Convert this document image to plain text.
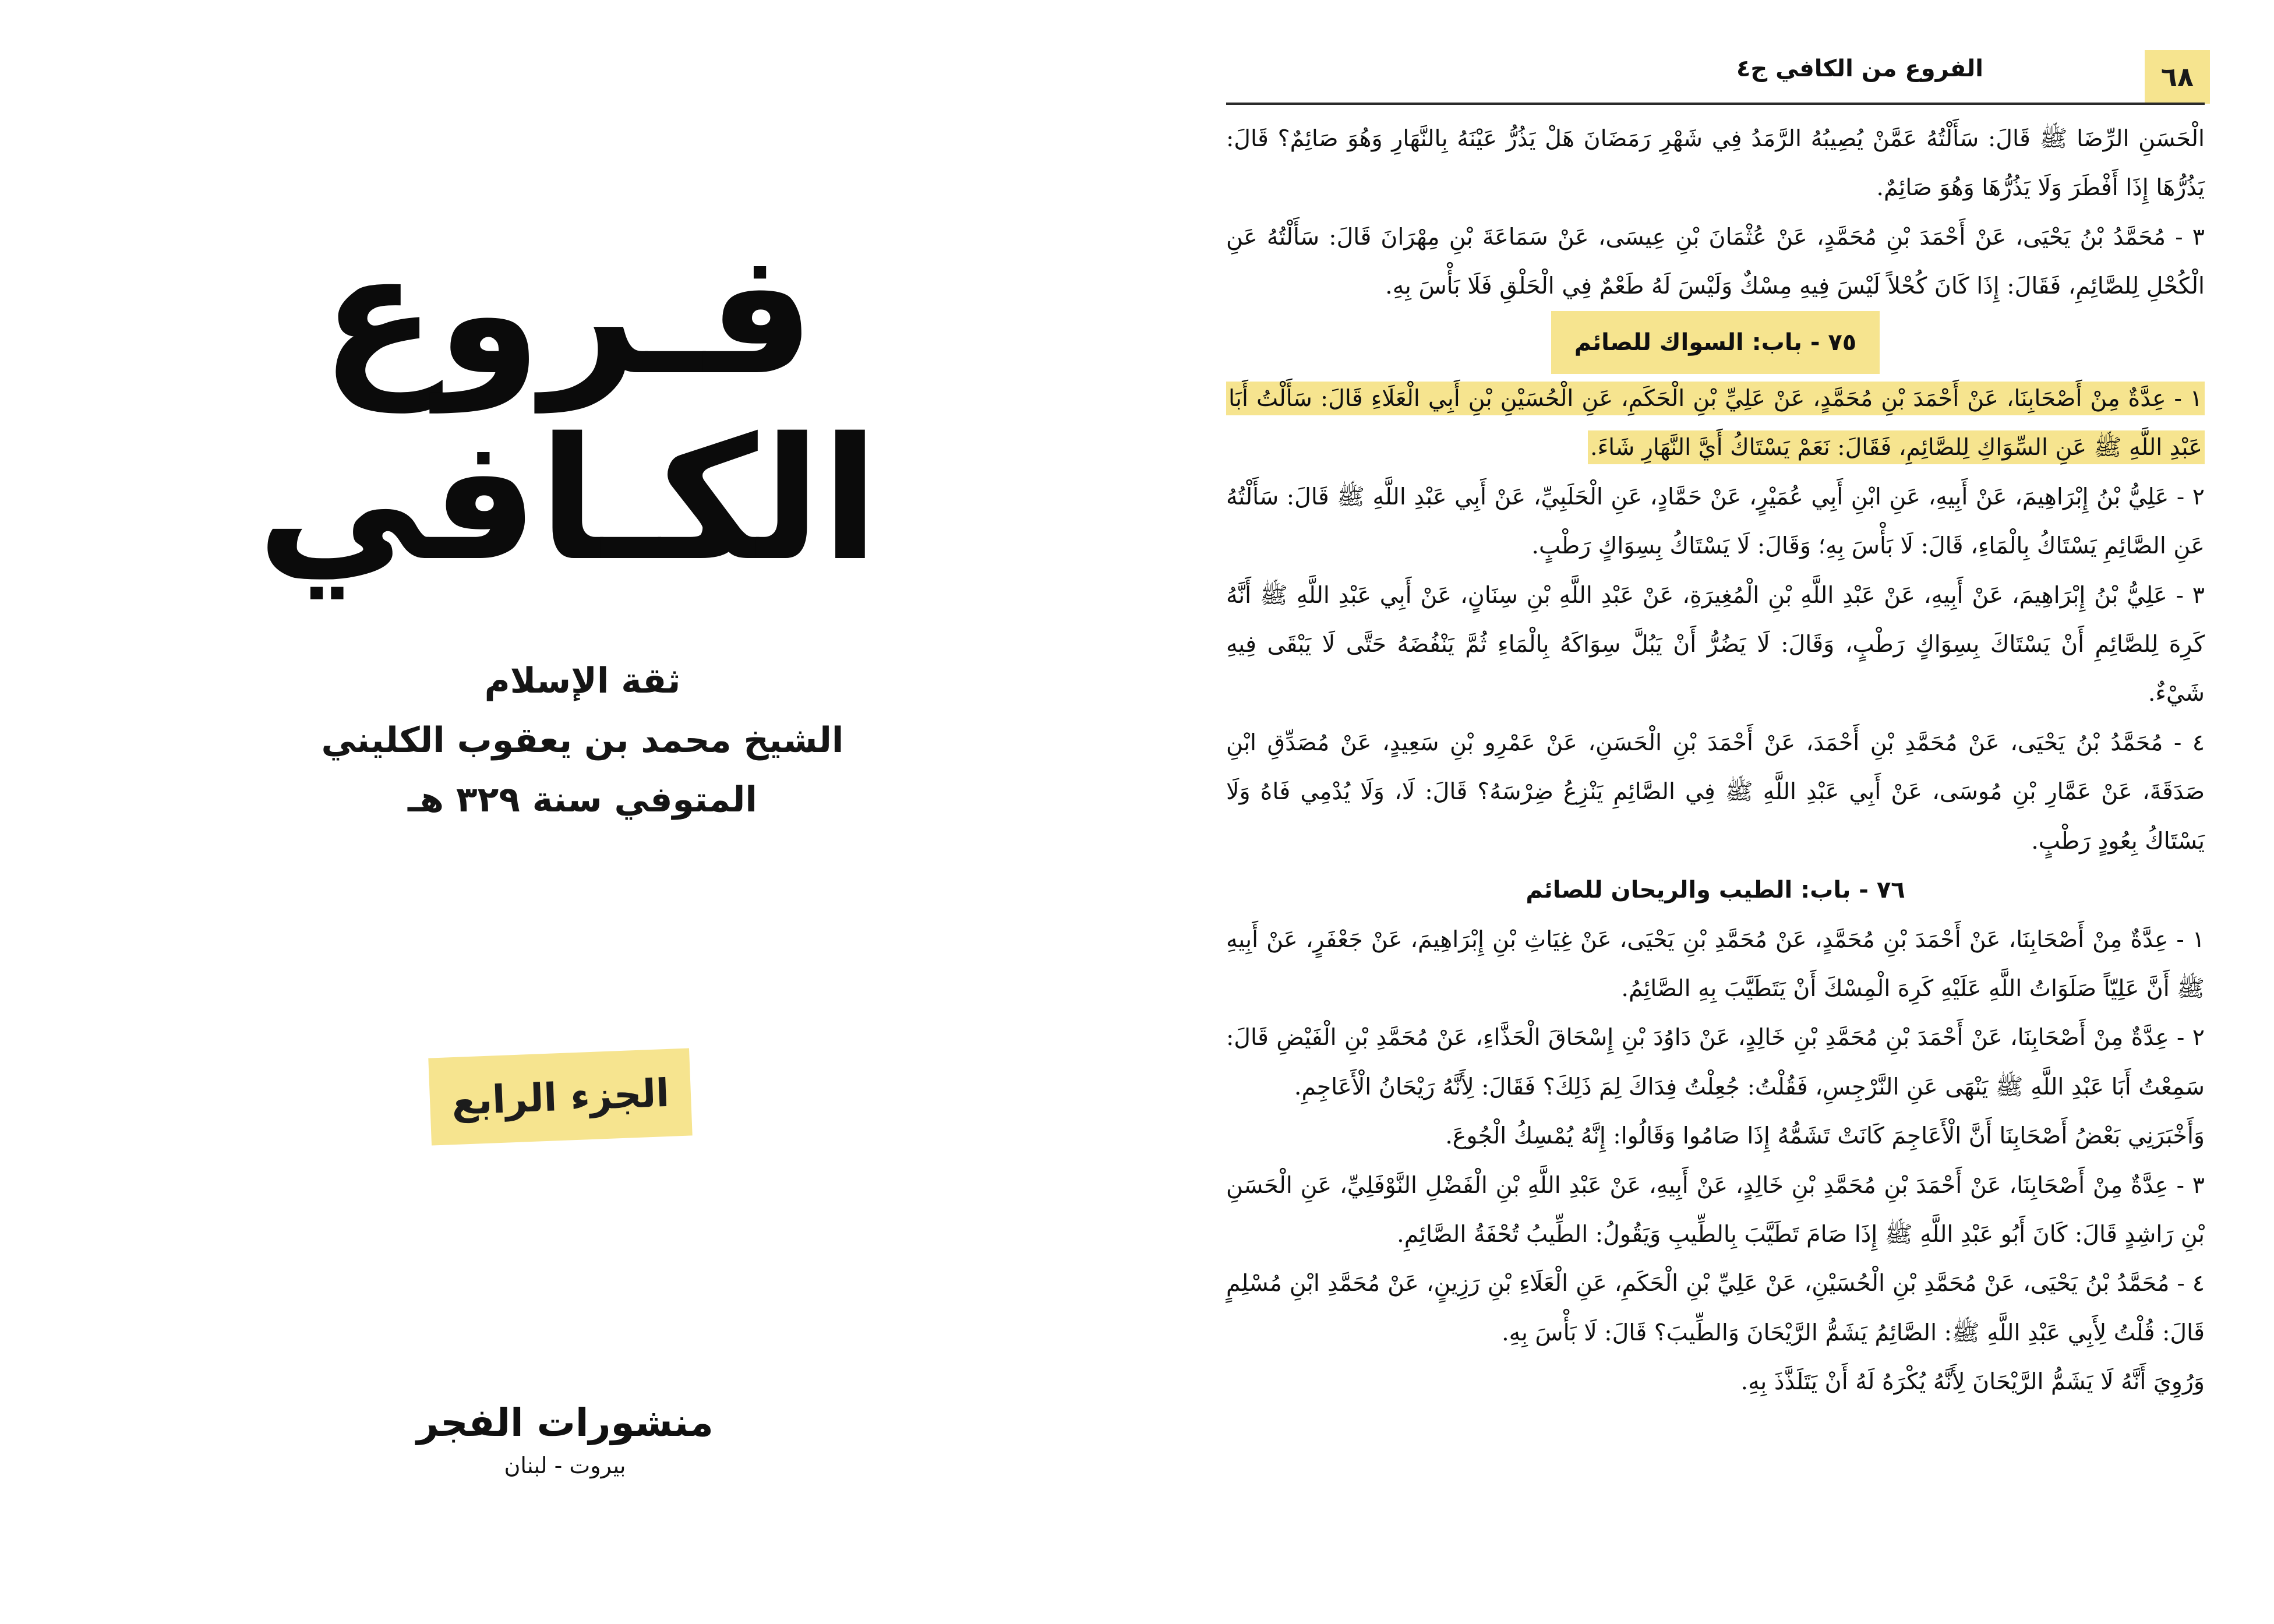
فـروع الكـافي
ثقة الإسلام
الشيخ محمد بن يعقوب الكليني
المتوفي سنة ٣٢٩ هـ
الجزء الرابع
منشورات الفجر
بيروت - لبنان
٦٨
الفروع من الكافي ج٤

الْحَسَنِ الرِّضَا ﷺ قَالَ: سَأَلْتُهُ عَمَّنْ يُصِيبُهُ الرَّمَدُ فِي شَهْرِ رَمَضَانَ هَلْ يَذُرُّ عَيْنَهُ بِالنَّهَارِ وَهُوَ صَائِمٌ؟ قَالَ: يَذُرُّهَا إِذَا أَفْطَرَ وَلَا يَذُرُّهَا وَهُوَ صَائِمٌ.

٣ - مُحَمَّدُ بْنُ يَحْيَى، عَنْ أَحْمَدَ بْنِ مُحَمَّدٍ، عَنْ عُثْمَانَ بْنِ عِيسَى، عَنْ سَمَاعَةَ بْنِ مِهْرَانَ قَالَ: سَأَلْتُهُ عَنِ الْكُحْلِ لِلصَّائِمِ، فَقَالَ: إِذَا كَانَ كُحْلاً لَيْسَ فِيهِ مِسْكٌ وَلَيْسَ لَهُ طَعْمٌ فِي الْحَلْقِ فَلَا بَأْسَ بِهِ.

٧٥ - باب: السواك للصائم

١ - عِدَّةٌ مِنْ أَصْحَابِنَا، عَنْ أَحْمَدَ بْنِ مُحَمَّدٍ، عَنْ عَلِيِّ بْنِ الْحَكَمِ، عَنِ الْحُسَيْنِ بْنِ أَبِي الْعَلَاءِ قَالَ: سَأَلْتُ أَبَا عَبْدِ اللَّهِ ﷺ عَنِ السِّوَاكِ لِلصَّائِمِ، فَقَالَ: نَعَمْ يَسْتَاكُ أَيَّ النَّهَارِ شَاءَ.

٢ - عَلِيُّ بْنُ إِبْرَاهِيمَ، عَنْ أَبِيهِ، عَنِ ابْنِ أَبِي عُمَيْرٍ، عَنْ حَمَّادٍ، عَنِ الْحَلَبِيِّ، عَنْ أَبِي عَبْدِ اللَّهِ ﷺ قَالَ: سَأَلْتُهُ عَنِ الصَّائِمِ يَسْتَاكُ بِالْمَاءِ، قَالَ: لَا بَأْسَ بِهِ؛ وَقَالَ: لَا يَسْتَاكُ بِسِوَاكٍ رَطْبٍ.

٣ - عَلِيُّ بْنُ إِبْرَاهِيمَ، عَنْ أَبِيهِ، عَنْ عَبْدِ اللَّهِ بْنِ الْمُغِيرَةِ، عَنْ عَبْدِ اللَّهِ بْنِ سِنَانٍ، عَنْ أَبِي عَبْدِ اللَّهِ ﷺ أَنَّهُ كَرِهَ لِلصَّائِمِ أَنْ يَسْتَاكَ بِسِوَاكٍ رَطْبٍ، وَقَالَ: لَا يَضُرُّ أَنْ يَبُلَّ سِوَاكَهُ بِالْمَاءِ ثُمَّ يَنْفُضَهُ حَتَّى لَا يَبْقَى فِيهِ شَيْءٌ.

٤ - مُحَمَّدُ بْنُ يَحْيَى، عَنْ مُحَمَّدِ بْنِ أَحْمَدَ، عَنْ أَحْمَدَ بْنِ الْحَسَنِ، عَنْ عَمْرِو بْنِ سَعِيدٍ، عَنْ مُصَدِّقِ ابْنِ صَدَقَةَ، عَنْ عَمَّارِ بْنِ مُوسَى، عَنْ أَبِي عَبْدِ اللَّهِ ﷺ فِي الصَّائِمِ يَنْزِعُ ضِرْسَهُ؟ قَالَ: لَا، وَلَا يُدْمِي فَاهُ وَلَا يَسْتَاكُ بِعُودٍ رَطْبٍ.

٧٦ - باب: الطيب والريحان للصائم

١ - عِدَّةٌ مِنْ أَصْحَابِنَا، عَنْ أَحْمَدَ بْنِ مُحَمَّدٍ، عَنْ مُحَمَّدِ بْنِ يَحْيَى، عَنْ غِيَاثِ بْنِ إِبْرَاهِيمَ، عَنْ جَعْفَرٍ، عَنْ أَبِيهِ ﷺ أَنَّ عَلِيّاً صَلَوَاتُ اللَّهِ عَلَيْهِ كَرِهَ الْمِسْكَ أَنْ يَتَطَيَّبَ بِهِ الصَّائِمُ.

٢ - عِدَّةٌ مِنْ أَصْحَابِنَا، عَنْ أَحْمَدَ بْنِ مُحَمَّدِ بْنِ خَالِدٍ، عَنْ دَاوُدَ بْنِ إِسْحَاقَ الْحَذَّاءِ، عَنْ مُحَمَّدِ بْنِ الْفَيْضِ قَالَ: سَمِعْتُ أَبَا عَبْدِ اللَّهِ ﷺ يَنْهَى عَنِ النَّرْجِسِ، فَقُلْتُ: جُعِلْتُ فِدَاكَ لِمَ ذَلِكَ؟ فَقَالَ: لِأَنَّهُ رَيْحَانُ الْأَعَاجِمِ.

وَأَخْبَرَنِي بَعْضُ أَصْحَابِنَا أَنَّ الْأَعَاجِمَ كَانَتْ تَشَمُّهُ إِذَا صَامُوا وَقَالُوا: إِنَّهُ يُمْسِكُ الْجُوعَ.

٣ - عِدَّةٌ مِنْ أَصْحَابِنَا، عَنْ أَحْمَدَ بْنِ مُحَمَّدِ بْنِ خَالِدٍ، عَنْ أَبِيهِ، عَنْ عَبْدِ اللَّهِ بْنِ الْفَضْلِ النَّوْفَلِيِّ، عَنِ الْحَسَنِ بْنِ رَاشِدٍ قَالَ: كَانَ أَبُو عَبْدِ اللَّهِ ﷺ إِذَا صَامَ تَطَيَّبَ بِالطِّيبِ وَيَقُولُ: الطِّيبُ تُحْفَةُ الصَّائِمِ.

٤ - مُحَمَّدُ بْنُ يَحْيَى، عَنْ مُحَمَّدِ بْنِ الْحُسَيْنِ، عَنْ عَلِيِّ بْنِ الْحَكَمِ، عَنِ الْعَلَاءِ بْنِ رَزِينٍ، عَنْ مُحَمَّدِ ابْنِ مُسْلِمٍ قَالَ: قُلْتُ لِأَبِي عَبْدِ اللَّهِ ﷺ: الصَّائِمُ يَشَمُّ الرَّيْحَانَ وَالطِّيبَ؟ قَالَ: لَا بَأْسَ بِهِ.

وَرُوِيَ أَنَّهُ لَا يَشَمُّ الرَّيْحَانَ لِأَنَّهُ يُكْرَهُ لَهُ أَنْ يَتَلَذَّذَ بِهِ.
